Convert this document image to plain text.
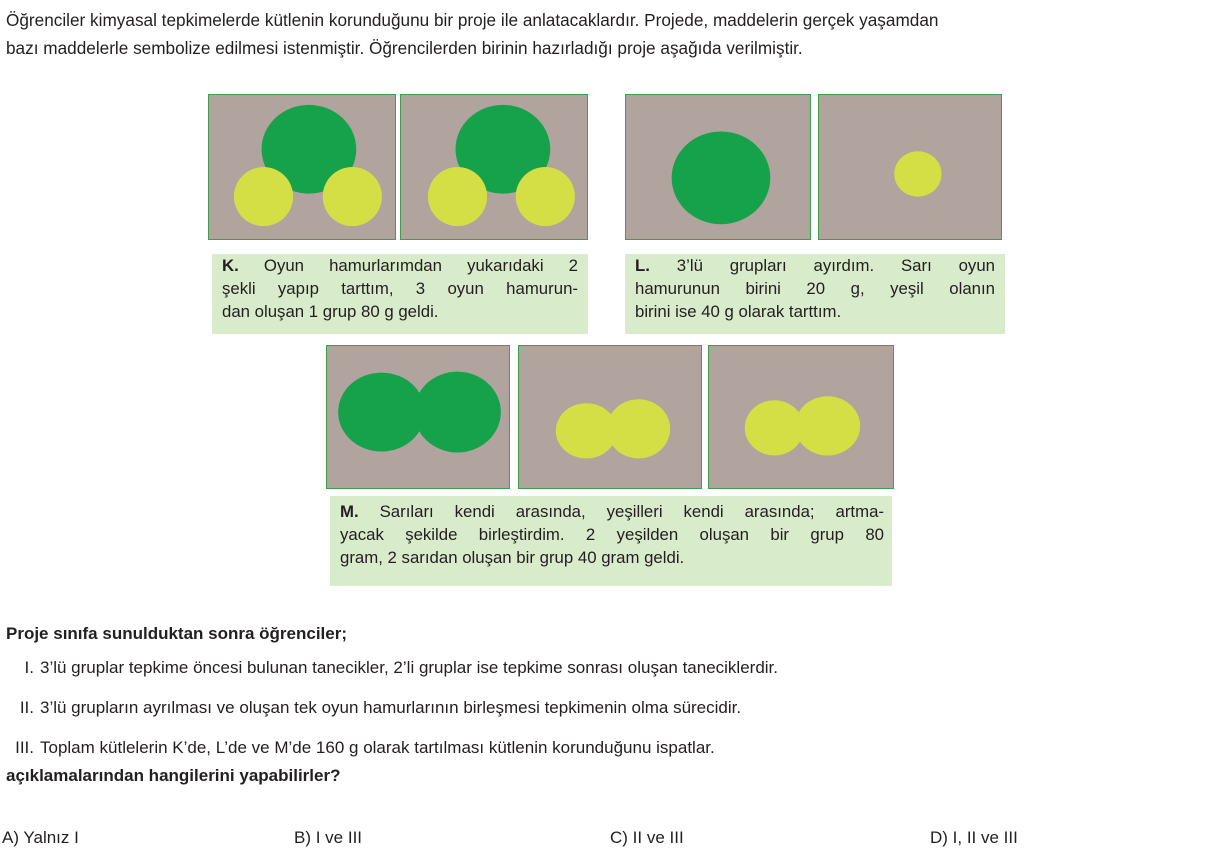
Öğrenciler kimyasal tepkimelerde kütlenin korunduğunu bir proje ile anlatacaklardır. Projede, maddelerin gerçek yaşamdan

bazı maddelerle sembolize edilmesi istenmiştir. Öğrencilerden birinin hazırladığı proje aşağıda verilmiştir.

K. Oyun hamurlarımdan yukarıdaki 2
şekli yapıp tarttım, 3 oyun hamurun-
dan oluşan 1 grup 80 g geldi.
L. 3’lü grupları ayırdım. Sarı oyun
hamurunun birini 20 g, yeşil olanın
birini ise 40 g olarak tarttım.
M. Sarıları kendi arasında, yeşilleri kendi arasında; artma-
yacak şekilde birleştirdim. 2 yeşilden oluşan bir grup 80
gram, 2 sarıdan oluşan bir grup 40 gram geldi.
Proje sınıfa sunulduktan sonra öğrenciler;
I. 3’lü gruplar tepkime öncesi bulunan tanecikler, 2’li gruplar ise tepkime sonrası oluşan taneciklerdir.
II. 3’lü grupların ayrılması ve oluşan tek oyun hamurlarının birleşmesi tepkimenin olma sürecidir.
III. Toplam kütlelerin K’de, L’de ve M’de 160 g olarak tartılması kütlenin korunduğunu ispatlar.
açıklamalarından hangilerini yapabilirler?
A) Yalnız I	B) I ve III	C) II ve III	D) I, II ve III
